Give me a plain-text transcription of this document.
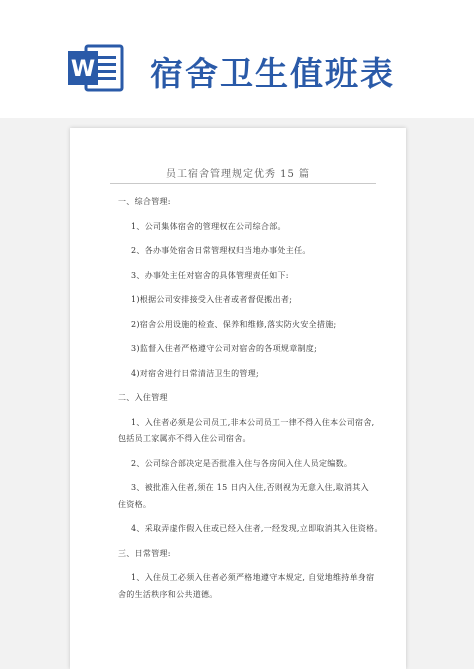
W 宿舍卫生值班表
员工宿舍管理规定优秀 15 篇
一、综合管理:
1、公司集体宿舍的管理权在公司综合部。
2、各办事处宿舍日常管理权归当地办事处主任。
3、办事处主任对宿舍的具体管理责任如下:
1)根据公司安排接受入住者或者督促搬出者;
2)宿舍公用设施的检查、保养和维修,落实防火安全措施;
3)监督入住者严格遵守公司对宿舍的各项规章制度;
4)对宿舍进行日常清洁卫生的管理;
二、入住管理
1、入住者必须是公司员工,非本公司员工一律不得入住本公司宿舍,
包括员工家属亦不得入住公司宿舍。
2、公司综合部决定是否批准入住与各房间入住人员定编数。
3、被批准入住者,须在 15 日内入住,否则视为无意入住,取消其入
住资格。
4、采取弄虚作假入住或已经入住者,一经发现,立即取消其入住资格。
三、日常管理:
1、入住员工必须入住者必须严格地遵守本规定, 自觉地维持单身宿
舍的生活秩序和公共道德。
